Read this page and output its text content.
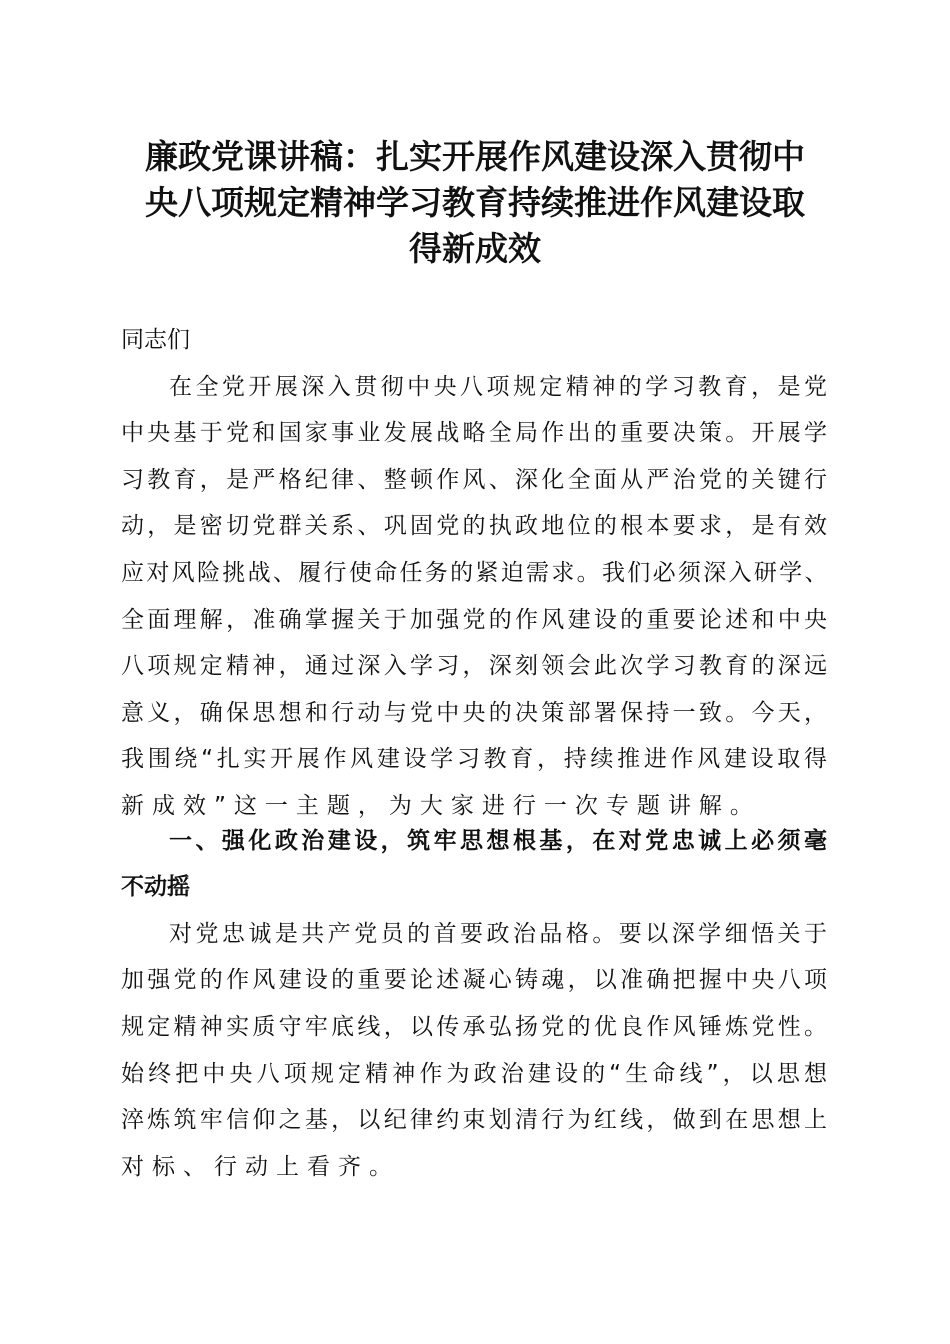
廉政党课讲稿：扎实开展作风建设深入贯彻中
央八项规定精神学习教育持续推进作风建设取
得新成效
同志们
在全党开展深入贯彻中央八项规定精神的学习教育，是党
中央基于党和国家事业发展战略全局作出的重要决策。开展学
习教育，是严格纪律、整顿作风、深化全面从严治党的关键行
动，是密切党群关系、巩固党的执政地位的根本要求，是有效
应对风险挑战、履行使命任务的紧迫需求。我们必须深入研学、
全面理解，准确掌握关于加强党的作风建设的重要论述和中央
八项规定精神，通过深入学习，深刻领会此次学习教育的深远
意义，确保思想和行动与党中央的决策部署保持一致。今天，
我围绕“扎实开展作风建设学习教育，持续推进作风建设取得
新成效”这一主题，为大家进行一次专题讲解。
一、强化政治建设，筑牢思想根基，在对党忠诚上必须毫
不动摇
对党忠诚是共产党员的首要政治品格。要以深学细悟关于
加强党的作风建设的重要论述凝心铸魂，以准确把握中央八项
规定精神实质守牢底线，以传承弘扬党的优良作风锤炼党性。
始终把中央八项规定精神作为政治建设的“生命线”，以思想
淬炼筑牢信仰之基，以纪律约束划清行为红线，做到在思想上
对标、行动上看齐。
